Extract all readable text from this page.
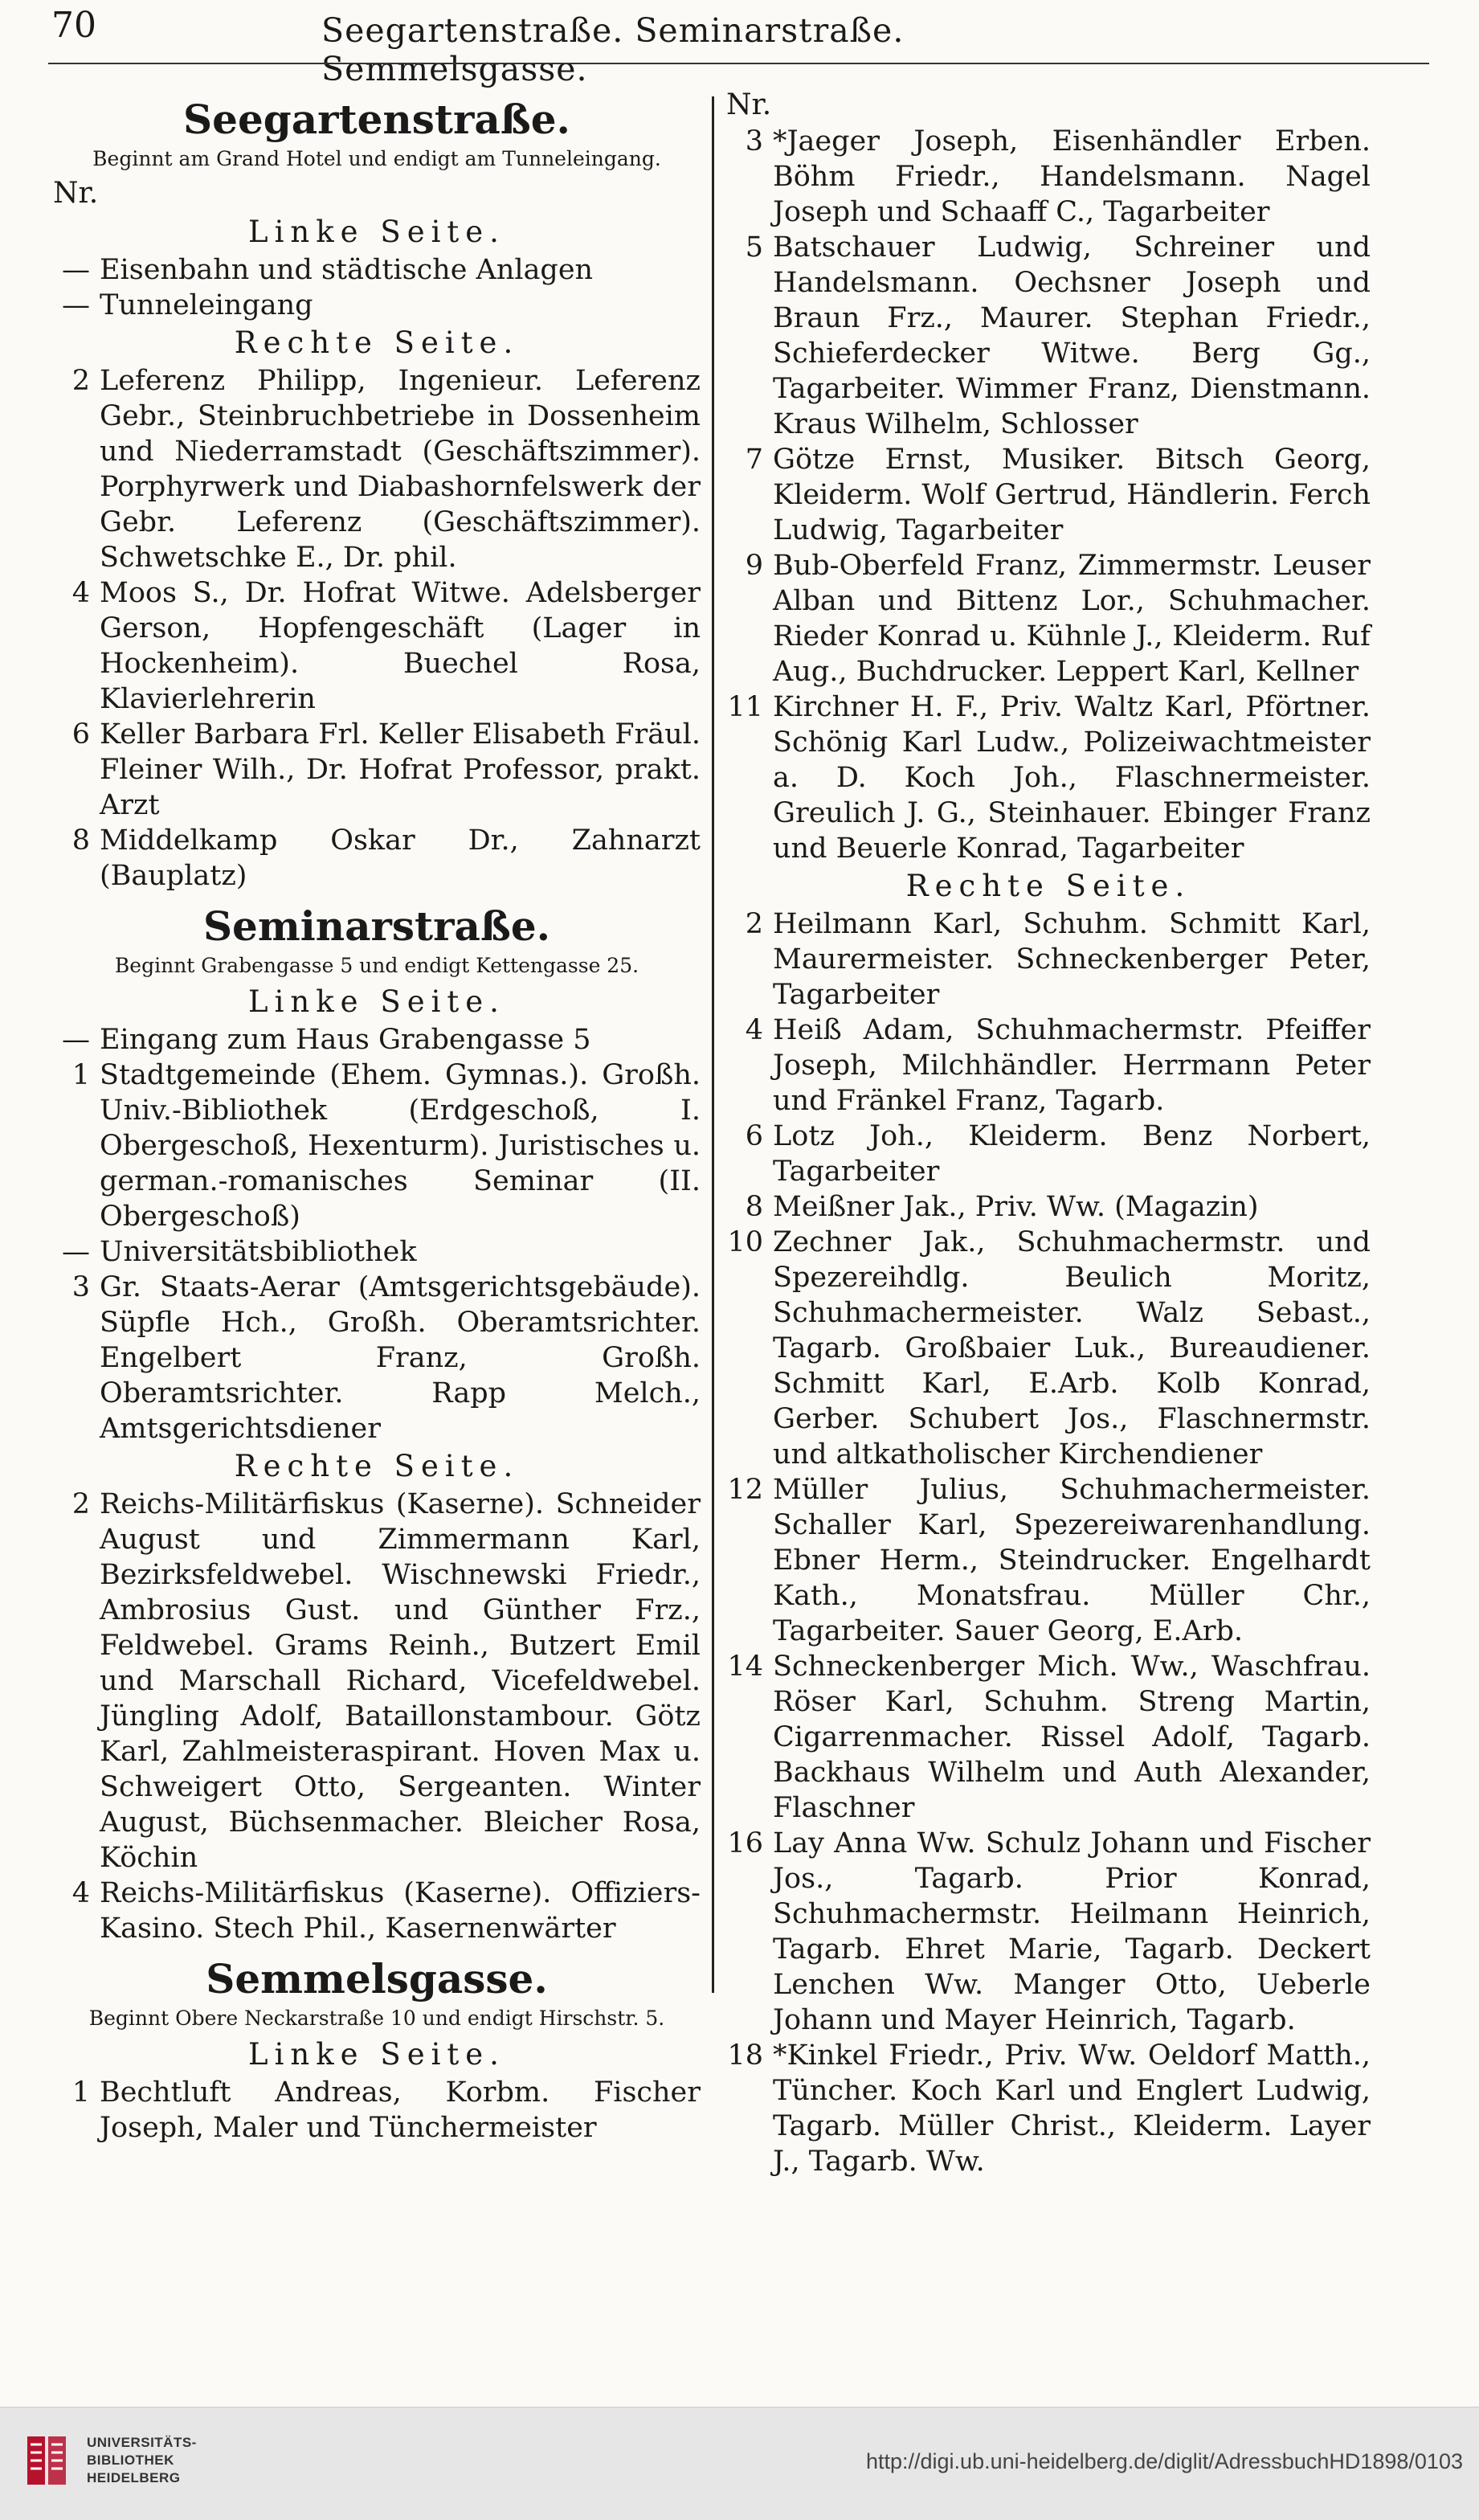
70	Seegartenstraße. Seminarstraße. Semmelsgasse.
Seegartenstraße.
Beginnt am Grand Hotel und endigt am Tunneleingang.
Nr.
Linke Seite.
— Eisenbahn und städtische Anlagen
— Tunneleingang
Rechte Seite.
2 Leferenz Philipp, Ingenieur. Leferenz Gebr., Steinbruchbetriebe in Dossenheim und Niederramstadt (Geschäftszimmer). Porphyrwerk und Diabashornfelswerk der Gebr. Leferenz (Geschäftszimmer). Schwetschke E., Dr. phil.
4 Moos S., Dr. Hofrat Witwe. Adelsberger Gerson, Hopfengeschäft (Lager in Hockenheim). Buechel Rosa, Klavierlehrerin
6 Keller Barbara Frl. Keller Elisabeth Fräul. Fleiner Wilh., Dr. Hofrat Professor, prakt. Arzt
8 Middelkamp Oskar Dr., Zahnarzt (Bauplatz)
Seminarstraße.
Beginnt Grabengasse 5 und endigt Kettengasse 25.
Linke Seite.
— Eingang zum Haus Grabengasse 5
1 Stadtgemeinde (Ehem. Gymnas.). Großh. Univ.-Bibliothek (Erdgeschoß, I. Obergeschoß, Hexenturm). Juristisches u. german.-romanisches Seminar (II. Obergeschoß)
— Universitätsbibliothek
3 Gr. Staats-Aerar (Amtsgerichtsgebäude). Süpfle Hch., Großh. Oberamtsrichter. Engelbert Franz, Großh. Oberamtsrichter. Rapp Melch., Amtsgerichtsdiener
Rechte Seite.
2 Reichs-Militärfiskus (Kaserne). Schneider August und Zimmermann Karl, Bezirksfeldwebel. Wischnewski Friedr., Ambrosius Gust. und Günther Frz., Feldwebel. Grams Reinh., Butzert Emil und Marschall Richard, Vicefeldwebel. Jüngling Adolf, Bataillonstambour. Götz Karl, Zahlmeisteraspirant. Hoven Max u. Schweigert Otto, Sergeanten. Winter August, Büchsenmacher. Bleicher Rosa, Köchin
4 Reichs-Militärfiskus (Kaserne). Offiziers-Kasino. Stech Phil., Kasernenwärter
Semmelsgasse.
Beginnt Obere Neckarstraße 10 und endigt Hirschstr. 5.
Linke Seite.
1 Bechtluft Andreas, Korbm. Fischer Joseph, Maler und Tünchermeister
Nr.
3 *Jaeger Joseph, Eisenhändler Erben. Böhm Friedr., Handelsmann. Nagel Joseph und Schaaff C., Tagarbeiter
5 Batschauer Ludwig, Schreiner und Handelsmann. Oechsner Joseph und Braun Frz., Maurer. Stephan Friedr., Schieferdecker Witwe. Berg Gg., Tagarbeiter. Wimmer Franz, Dienstmann. Kraus Wilhelm, Schlosser
7 Götze Ernst, Musiker. Bitsch Georg, Kleiderm. Wolf Gertrud, Händlerin. Ferch Ludwig, Tagarbeiter
9 Bub-Oberfeld Franz, Zimmermstr. Leuser Alban und Bittenz Lor., Schuhmacher. Rieder Konrad u. Kühnle J., Kleiderm. Ruf Aug., Buchdrucker. Leppert Karl, Kellner
11 Kirchner H. F., Priv. Waltz Karl, Pförtner. Schönig Karl Ludw., Polizeiwachtmeister a. D. Koch Joh., Flaschnermeister. Greulich J. G., Steinhauer. Ebinger Franz und Beuerle Konrad, Tagarbeiter
Rechte Seite.
2 Heilmann Karl, Schuhm. Schmitt Karl, Maurermeister. Schneckenberger Peter, Tagarbeiter
4 Heiß Adam, Schuhmachermstr. Pfeiffer Joseph, Milchhändler. Herrmann Peter und Fränkel Franz, Tagarb.
6 Lotz Joh., Kleiderm. Benz Norbert, Tagarbeiter
8 Meißner Jak., Priv. Ww. (Magazin)
10 Zechner Jak., Schuhmachermstr. und Spezereihdlg. Beulich Moritz, Schuhmachermeister. Walz Sebast., Tagarb. Großbaier Luk., Bureaudiener. Schmitt Karl, E.Arb. Kolb Konrad, Gerber. Schubert Jos., Flaschnermstr. und altkatholischer Kirchendiener
12 Müller Julius, Schuhmachermeister. Schaller Karl, Spezereiwarenhandlung. Ebner Herm., Steindrucker. Engelhardt Kath., Monatsfrau. Müller Chr., Tagarbeiter. Sauer Georg, E.Arb.
14 Schneckenberger Mich. Ww., Waschfrau. Röser Karl, Schuhm. Streng Martin, Cigarrenmacher. Rissel Adolf, Tagarb. Backhaus Wilhelm und Auth Alexander, Flaschner
16 Lay Anna Ww. Schulz Johann und Fischer Jos., Tagarb. Prior Konrad, Schuhmachermstr. Heilmann Heinrich, Tagarb. Ehret Marie, Tagarb. Deckert Lenchen Ww. Manger Otto, Ueberle Johann und Mayer Heinrich, Tagarb.
18 *Kinkel Friedr., Priv. Ww. Oeldorf Matth., Tüncher. Koch Karl und Englert Ludwig, Tagarb. Müller Christ., Kleiderm. Layer J., Tagarb. Ww.
UNIVERSITÄTS-
BIBLIOTHEK
HEIDELBERG
http://digi.ub.uni-heidelberg.de/diglit/AdressbuchHD1898/0103
